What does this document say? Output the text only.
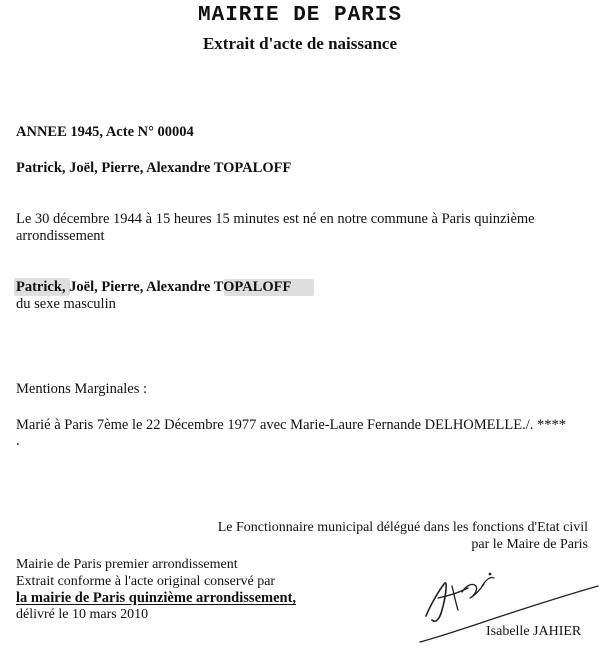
MAIRIE DE PARIS
Extrait d'acte de naissance
ANNEE 1945, Acte N° 00004
Patrick, Joël, Pierre, Alexandre TOPALOFF
Le 30 décembre 1944 à 15 heures 15 minutes est né en notre commune à Paris quinzième
arrondissement
Patrick, Joël, Pierre, Alexandre TOPALOFF
du sexe masculin
Mentions Marginales :
Marié à Paris 7ème le 22 Décembre 1977 avec Marie-Laure Fernande DELHOMELLE./. ****
.
Le Fonctionnaire municipal délégué dans les fonctions d'Etat civil
par le Maire de Paris
Mairie de Paris premier arrondissement
Extrait conforme à l'acte original conservé par
la mairie de Paris quinzième arrondissement,
délivré le 10 mars 2010
Isabelle JAHIER
